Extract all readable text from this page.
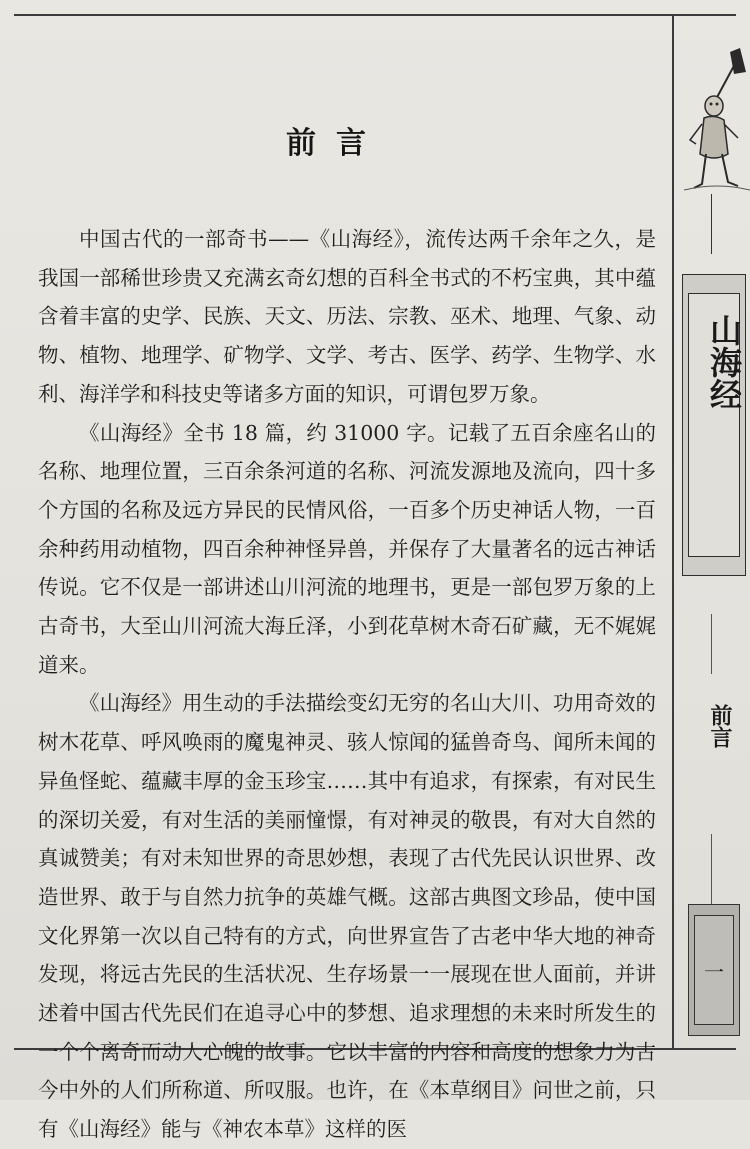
前言

中国古代的一部奇书——《山海经》，流传达两千余年之久，是我国一部稀世珍贵又充满玄奇幻想的百科全书式的不朽宝典，其中蕴含着丰富的史学、民族、天文、历法、宗教、巫术、地理、气象、动物、植物、地理学、矿物学、文学、考古、医学、药学、生物学、水利、海洋学和科技史等诸多方面的知识，可谓包罗万象。

《山海经》全书 18 篇，约 31000 字。记载了五百余座名山的名称、地理位置，三百余条河道的名称、河流发源地及流向，四十多个方国的名称及远方异民的民情风俗，一百多个历史神话人物，一百余种药用动植物，四百余种神怪异兽，并保存了大量著名的远古神话传说。它不仅是一部讲述山川河流的地理书，更是一部包罗万象的上古奇书，大至山川河流大海丘泽，小到花草树木奇石矿藏，无不娓娓道来。

《山海经》用生动的手法描绘变幻无穷的名山大川、功用奇效的树木花草、呼风唤雨的魔鬼神灵、骇人惊闻的猛兽奇鸟、闻所未闻的异鱼怪蛇、蕴藏丰厚的金玉珍宝……其中有追求，有探索，有对民生的深切关爱，有对生活的美丽憧憬，有对神灵的敬畏，有对大自然的真诚赞美；有对未知世界的奇思妙想，表现了古代先民认识世界、改造世界、敢于与自然力抗争的英雄气概。这部古典图文珍品，使中国文化界第一次以自己特有的方式，向世界宣告了古老中华大地的神奇发现，将远古先民的生活状况、生存场景一一展现在世人面前，并讲述着中国古代先民们在追寻心中的梦想、追求理想的未来时所发生的一个个离奇而动人心魄的故事。它以丰富的内容和高度的想象力为古今中外的人们所称道、所叹服。也许，在《本草纲目》问世之前，只有《山海经》能与《神农本草》这样的医

山海经
前言
一
